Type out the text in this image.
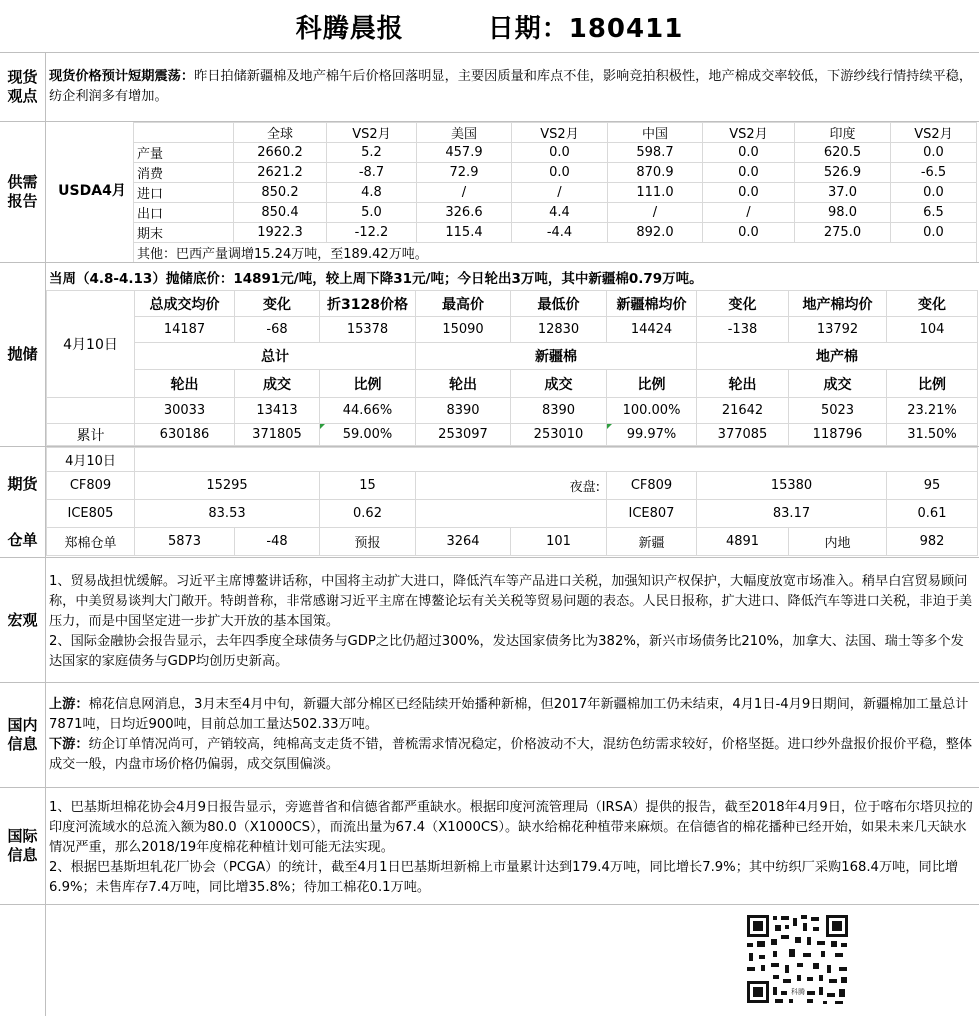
科腾晨报	日期：180411
现货
观点
现货价格预计短期震荡：昨日拍储新疆棉及地产棉午后价格回落明显，主要因质量和库点不佳，影响竞拍积极性，地产棉成交率较低，下游纱线行情持续平稳，纺企利润多有增加。
供需
报告
USDA4月
	全球	VS2月	美国	VS2月	中国	VS2月	印度	VS2月
产量	2660.2	5.2	457.9	0.0	598.7	0.0	620.5	0.0
消费	2621.2	-8.7	72.9	0.0	870.9	0.0	526.9	-6.5
进口	850.2	4.8	/	/	111.0	0.0	37.0	0.0
出口	850.4	5.0	326.6	4.4	/	/	98.0	6.5
期末	1922.3	-12.2	115.4	-4.4	892.0	0.0	275.0	0.0
其他：巴西产量调增15.24万吨，至189.42万吨。								
抛储
当周（4.8-4.13）抛储底价：14891元/吨，较上周下降31元/吨；今日轮出3万吨，其中新疆棉0.79万吨。
4月10日	总成交均价	变化	折3128价格	最高价	最低价	新疆棉均价	变化	地产棉均价	变化
	14187	-68	15378	15090	12830	14424	-138	13792	104
	总计			新疆棉			地产棉		
	轮出	成交	比例	轮出	成交	比例	轮出	成交	比例
	30033	13413	44.66%	8390	8390	100.00%	21642	5023	23.21%
累计	630186	371805	59.00%	253097	253010	99.97%	377085	118796	31.50%
期货
仓单
4月10日									
CF809	15295		15	夜盘:		CF809	15380		95
ICE805	83.53		0.62			ICE807	83.17		0.61
郑棉仓单	5873	-48	预报	3264	101	新疆	4891	内地	982
宏观
1、贸易战担忧缓解。习近平主席博鳌讲话称，中国将主动扩大进口，降低汽车等产品进口关税，加强知识产权保护，大幅度放宽市场准入。稍早白宫贸易顾问称，中美贸易谈判大门敞开。特朗普称，非常感谢习近平主席在博鳌论坛有关关税等贸易问题的表态。人民日报称，扩大进口、降低汽车等进口关税，非迫于美压力，而是中国坚定进一步扩大开放的基本国策。
2、国际金融协会报告显示，去年四季度全球债务与GDP之比仍超过300%，发达国家债务比为382%，新兴市场债务比210%，加拿大、法国、瑞士等多个发达国家的家庭债务与GDP均创历史新高。
国内
信息
上游：棉花信息网消息，3月末至4月中旬，新疆大部分棉区已经陆续开始播种新棉，但2017年新疆棉加工仍未结束，4月1日-4月9日期间，新疆棉加工量总计7871吨，日均近900吨，目前总加工量达502.33万吨。
下游：纺企订单情况尚可，产销较高，纯棉高支走货不错，普梳需求情况稳定，价格波动不大，混纺色纺需求较好，价格坚挺。进口纱外盘报价报价平稳，整体成交一般，内盘市场价格仍偏弱，成交氛围偏淡。
国际
信息
1、巴基斯坦棉花协会4月9日报告显示，旁遮普省和信德省都严重缺水。根据印度河流管理局（IRSA）提供的报告，截至2018年4月9日，位于喀布尔塔贝拉的印度河流域水的总流入额为80.0（X1000CS），而流出量为67.4（X1000CS）。缺水给棉花种植带来麻烦。在信德省的棉花播种已经开始，如果未来几天缺水情况严重，那么2018/19年度棉花种植计划可能无法实现。
2、根据巴基斯坦轧花厂协会（PCGA）的统计，截至4月1日巴基斯坦新棉上市量累计达到179.4万吨，同比增长7.9%；其中纺织厂采购168.4万吨，同比增6.9%；未售库存7.4万吨，同比增35.8%；待加工棉花0.1万吨。
科腾
